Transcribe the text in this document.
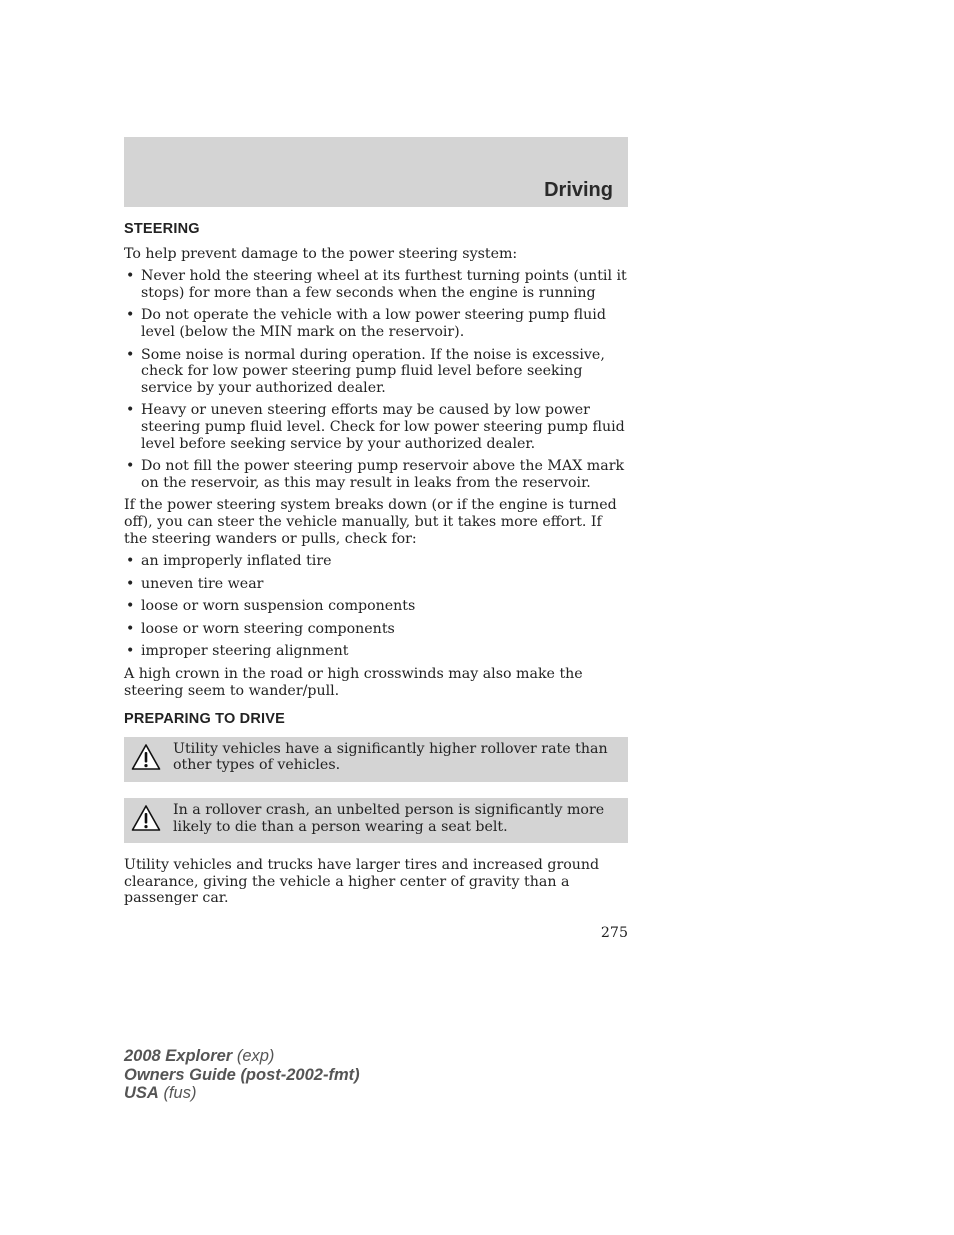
Driving
STEERING

To help prevent damage to the power steering system:

• Never hold the steering wheel at its furthest turning points (until it stops) for more than a few seconds when the engine is running
• Do not operate the vehicle with a low power steering pump fluid level (below the MIN mark on the reservoir).
• Some noise is normal during operation. If the noise is excessive, check for low power steering pump fluid level before seeking service by your authorized dealer.
• Heavy or uneven steering efforts may be caused by low power steering pump fluid level. Check for low power steering pump fluid level before seeking service by your authorized dealer.
• Do not fill the power steering pump reservoir above the MAX mark on the reservoir, as this may result in leaks from the reservoir.

If the power steering system breaks down (or if the engine is turned off), you can steer the vehicle manually, but it takes more effort. If the steering wanders or pulls, check for:

• an improperly inflated tire
• uneven tire wear
• loose or worn suspension components
• loose or worn steering components
• improper steering alignment

A high crown in the road or high crosswinds may also make the steering seem to wander/pull.

PREPARING TO DRIVE
Utility vehicles have a significantly higher rollover rate than other types of vehicles.
In a rollover crash, an unbelted person is significantly more likely to die than a person wearing a seat belt.

Utility vehicles and trucks have larger tires and increased ground clearance, giving the vehicle a higher center of gravity than a passenger car.

275
2008 Explorer (exp)
Owners Guide (post-2002-fmt)
USA (fus)
